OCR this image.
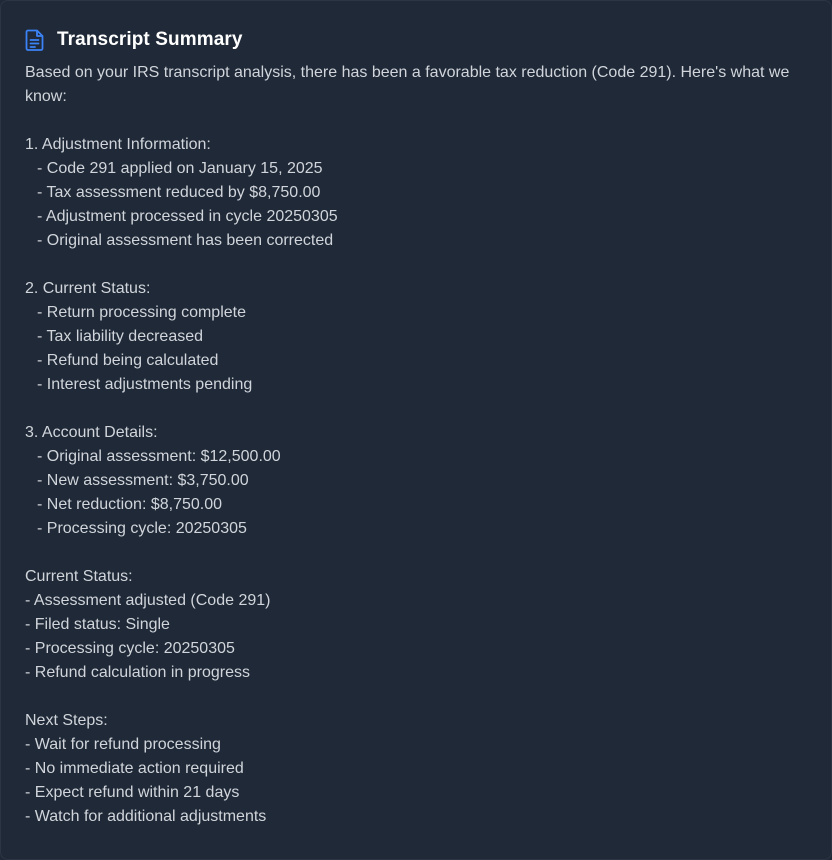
Transcript Summary

Based on your IRS transcript analysis, there has been a favorable tax reduction (Code 291). Here's what we know:

1. Adjustment Information:
- Code 291 applied on January 15, 2025
- Tax assessment reduced by $8,750.00
- Adjustment processed in cycle 20250305
- Original assessment has been corrected
2. Current Status:
- Return processing complete
- Tax liability decreased
- Refund being calculated
- Interest adjustments pending
3. Account Details:
- Original assessment: $12,500.00
- New assessment: $3,750.00
- Net reduction: $8,750.00
- Processing cycle: 20250305
Current Status:
- Assessment adjusted (Code 291)
- Filed status: Single
- Processing cycle: 20250305
- Refund calculation in progress
Next Steps:
- Wait for refund processing
- No immediate action required
- Expect refund within 21 days
- Watch for additional adjustments
